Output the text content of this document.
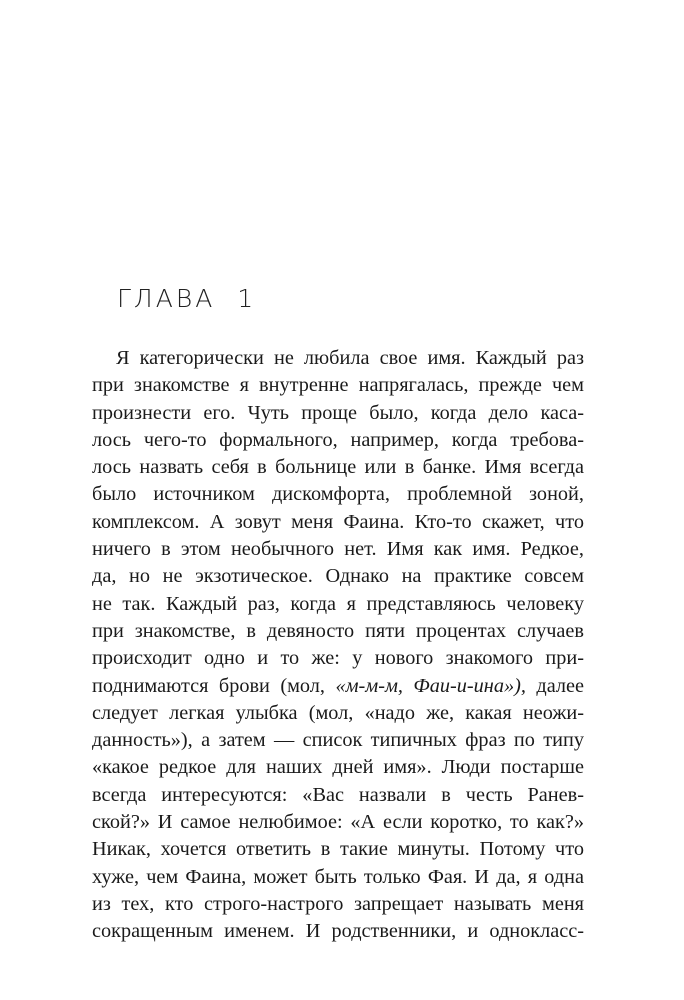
ГЛАВА  1
Я категорически не любила свое имя. Каждый раз
при знакомстве я внутренне напрягалась, прежде чем
произнести его. Чуть проще было, когда дело каса-
лось чего-то формального, например, когда требова-
лось назвать себя в больнице или в банке. Имя всегда
было источником дискомфорта, проблемной зоной,
комплексом. А зовут меня Фаина. Кто-то скажет, что
ничего в этом необычного нет. Имя как имя. Редкое,
да, но не экзотическое. Однако на практике совсем
не так. Каждый раз, когда я представляюсь человеку
при знакомстве, в девяносто пяти процентах случаев
происходит одно и то же: у нового знакомого при-
поднимаются брови (мол, «м-м-м, Фаи-и-ина»), далее
следует легкая улыбка (мол, «надо же, какая неожи-
данность»), а затем — список типичных фраз по типу
«какое редкое для наших дней имя». Люди постарше
всегда интересуются: «Вас назвали в честь Ранев-
ской?» И самое нелюбимое: «А если коротко, то как?»
Никак, хочется ответить в такие минуты. Потому что
хуже, чем Фаина, может быть только Фая. И да, я одна
из тех, кто строго-настрого запрещает называть меня
сокращенным именем. И родственники, и однокласс-
